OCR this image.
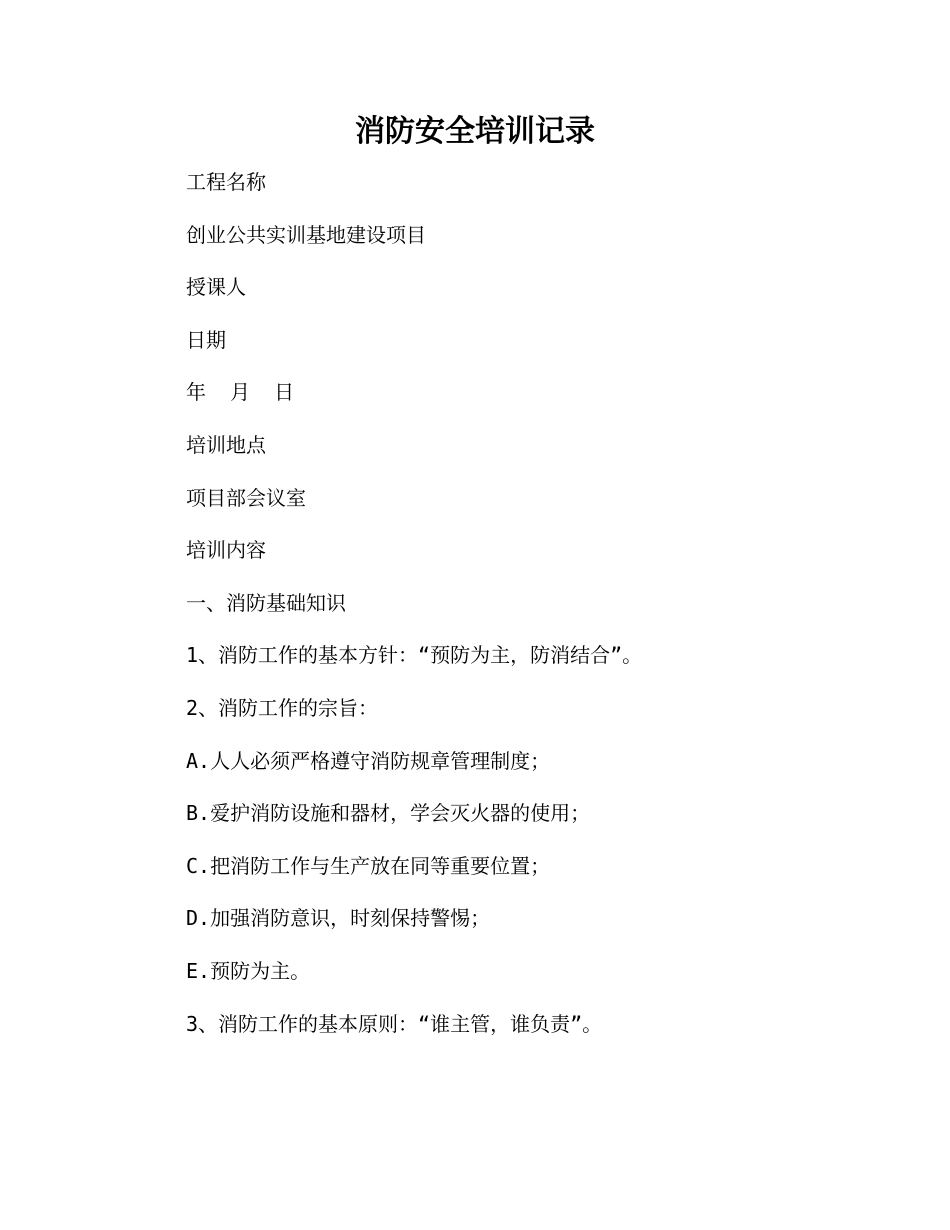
消防安全培训记录

工程名称

创业公共实训基地建设项目

授课人

日期

年  月  日

培训地点

项目部会议室

培训内容

一、消防基础知识

1、消防工作的基本方针：“预防为主，防消结合”。

2、消防工作的宗旨：

A.人人必须严格遵守消防规章管理制度；

B.爱护消防设施和器材，学会灭火器的使用；

C.把消防工作与生产放在同等重要位置；

D.加强消防意识，时刻保持警惕；

E.预防为主。

3、消防工作的基本原则：“谁主管，谁负责”。
